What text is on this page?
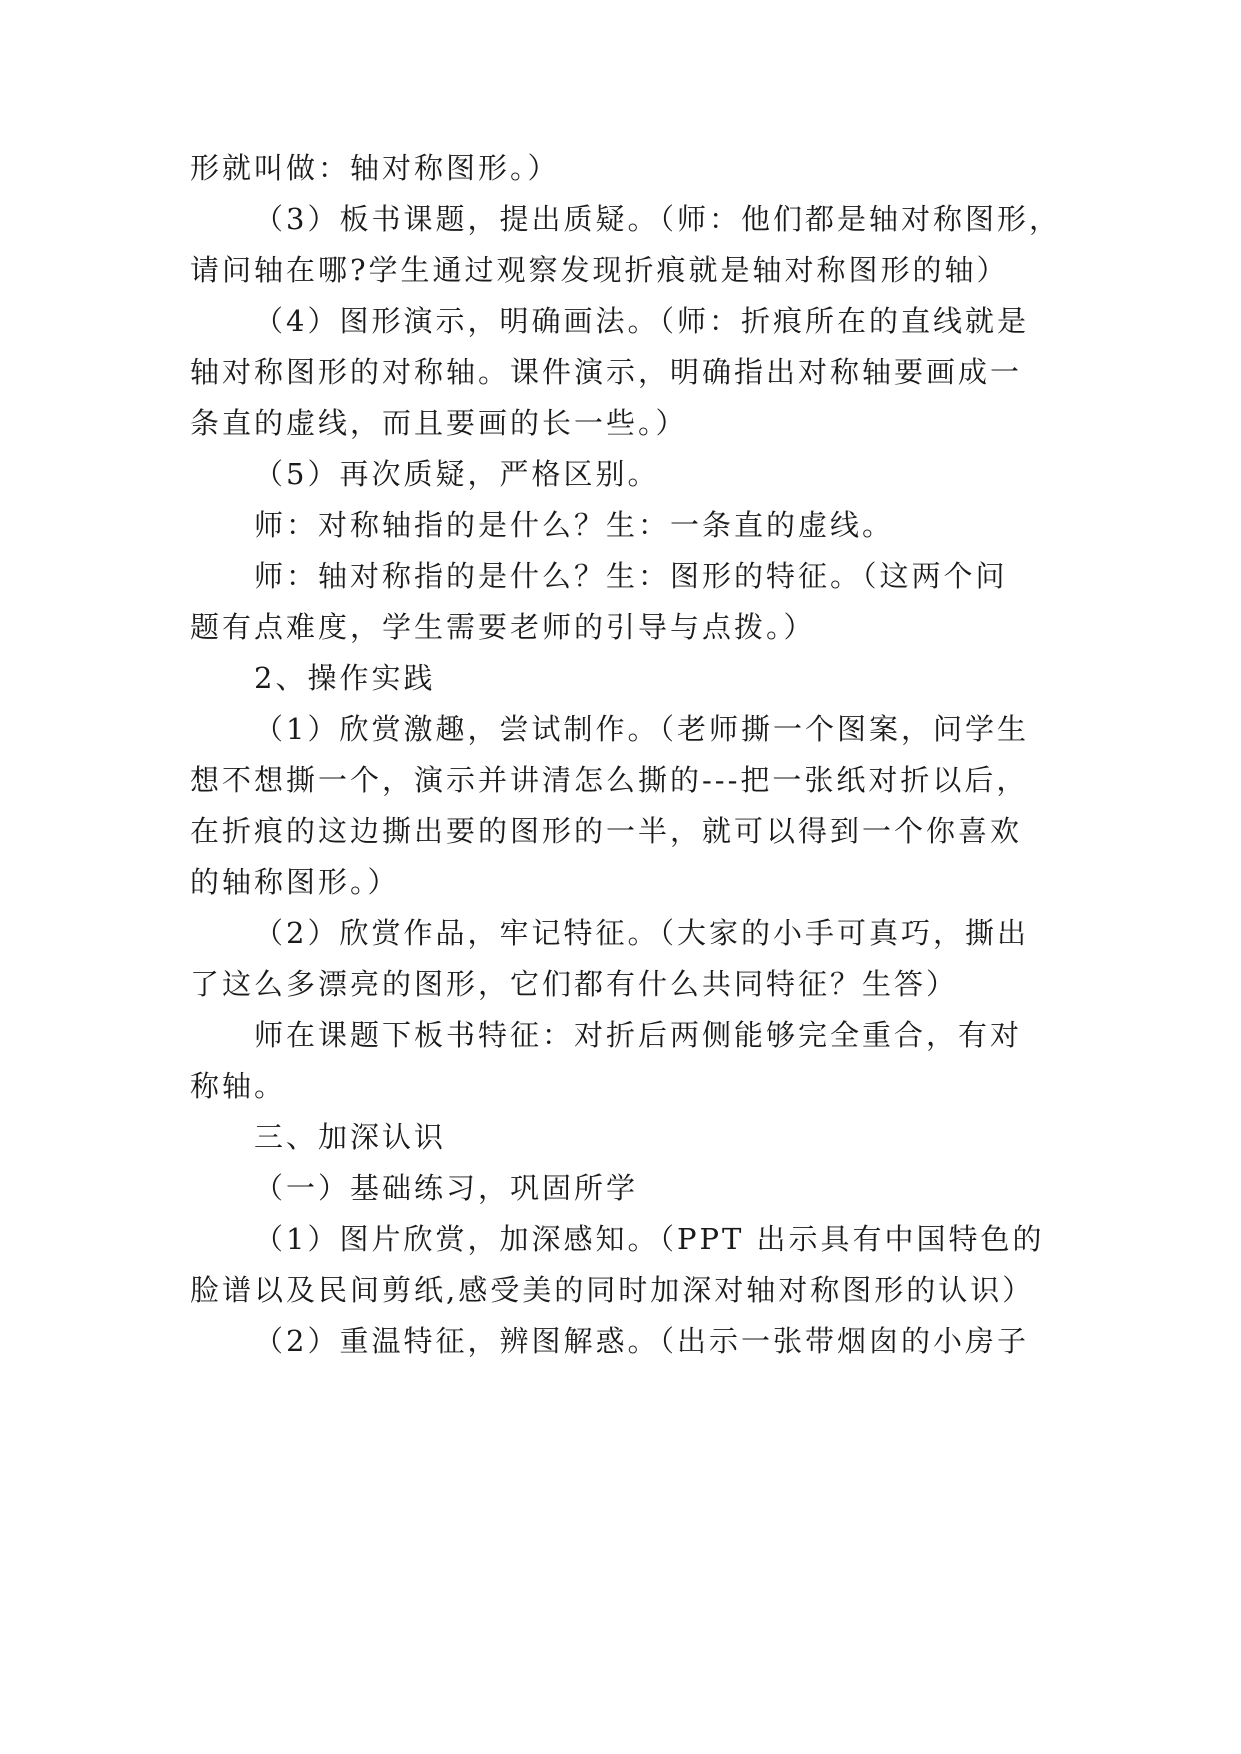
形就叫做：轴对称图形。）
（3）板书课题，提出质疑。（师：他们都是轴对称图形，
请问轴在哪?学生通过观察发现折痕就是轴对称图形的轴）
（4）图形演示，明确画法。（师：折痕所在的直线就是
轴对称图形的对称轴。课件演示，明确指出对称轴要画成一
条直的虚线，而且要画的长一些。）
（5）再次质疑，严格区别。
师：对称轴指的是什么？生：一条直的虚线。
师：轴对称指的是什么？生：图形的特征。（这两个问
题有点难度，学生需要老师的引导与点拨。）
2、操作实践
（1）欣赏激趣，尝试制作。（老师撕一个图案，问学生
想不想撕一个，演示并讲清怎么撕的---把一张纸对折以后，
在折痕的这边撕出要的图形的一半，就可以得到一个你喜欢
的轴称图形。）
（2）欣赏作品，牢记特征。（大家的小手可真巧，撕出
了这么多漂亮的图形，它们都有什么共同特征？生答）
师在课题下板书特征：对折后两侧能够完全重合，有对
称轴。
三、加深认识
（一）基础练习，巩固所学
（1）图片欣赏，加深感知。（PPT 出示具有中国特色的
脸谱以及民间剪纸,感受美的同时加深对轴对称图形的认识）
（2）重温特征，辨图解惑。（出示一张带烟囱的小房子
